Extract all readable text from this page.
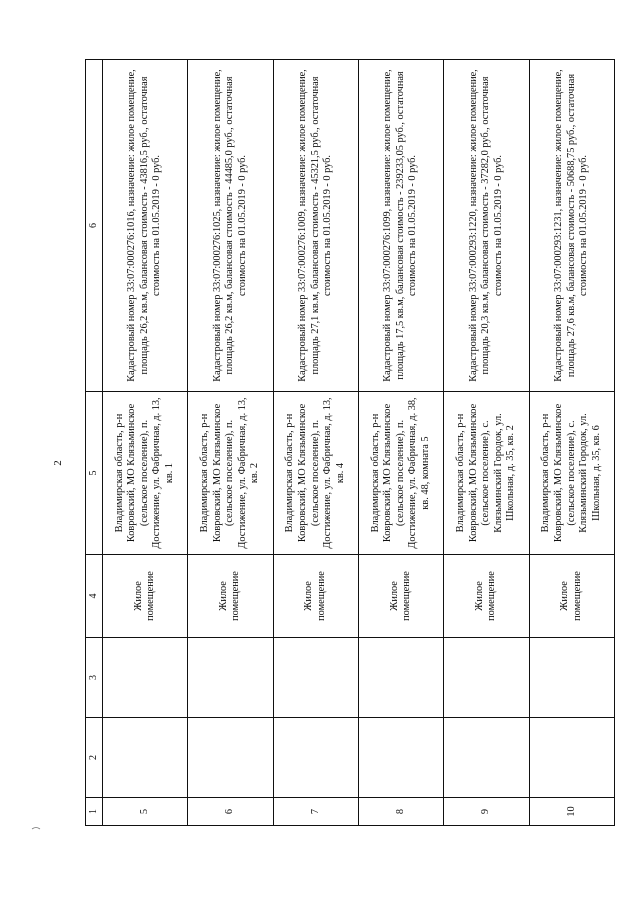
2
1	2	3	4	5	6
5			Жилое помещение	Владимирская область, р-н Ковровский, МО Клязьминское (сельское поселение), п. Достижение, ул. Фабричная, д. 13, кв. 1	Кадастровый номер 33:07:000276:1016, назначение: жилое помещение, площадь 26,2 кв.м, балансовая стоимость - 43816,5 руб., остаточная стоимость на 01.05.2019 - 0 руб.
6			Жилое помещение	Владимирская область, р-н Ковровский, МО Клязьминское (сельское поселение), п. Достижение, ул. Фабричная, д. 13, кв. 2	Кадастровый номер 33:07:000276:1025, назначение: жилое помещение, площадь 26,2 кв.м, балансовая стоимость - 44485,0 руб., остаточная стоимость на 01.05.2019 - 0 руб.
7			Жилое помещение	Владимирская область, р-н Ковровский, МО Клязьминское (сельское поселение), п. Достижение, ул. Фабричная, д. 13, кв. 4	Кадастровый номер 33:07:000276:1009, назначение: жилое помещение, площадь 27,1 кв.м, балансовая стоимость - 45321,5 руб., остаточная стоимость на 01.05.2019 - 0 руб.
8			Жилое помещение	Владимирская область, р-н Ковровский, МО Клязьминское (сельское поселение), п. Достижение, ул. Фабричная, д. 38, кв. 48, комната 5	Кадастровый номер 33:07:000276:1099, назначение: жилое помещение, площадь 17,5 кв.м, балансовая стоимость - 239233,05 руб., остаточная стоимость на 01.05.2019 - 0 руб.
9			Жилое помещение	Владимирская область, р-н Ковровский, МО Клязьминское (сельское поселение), с. Клязьминский Городок, ул. Школьная, д. 35, кв. 2	Кадастровый номер 33:07:000293:1220, назначение: жилое помещение, площадь 20,3 кв.м, балансовая стоимость - 37282,0 руб., остаточная стоимость на 01.05.2019 - 0 руб.
10			Жилое помещение	Владимирская область, р-н Ковровский, МО Клязьминское (сельское поселение), с. Клязьминский Городок, ул. Школьная, д. 35, кв. 6	Кадастровый номер 33:07:000293:1231, назначение: жилое помещение, площадь 27,6 кв.м, балансовая стоимость - 50688,75 руб., остаточная стоимость на 01.05.2019 - 0 руб.
